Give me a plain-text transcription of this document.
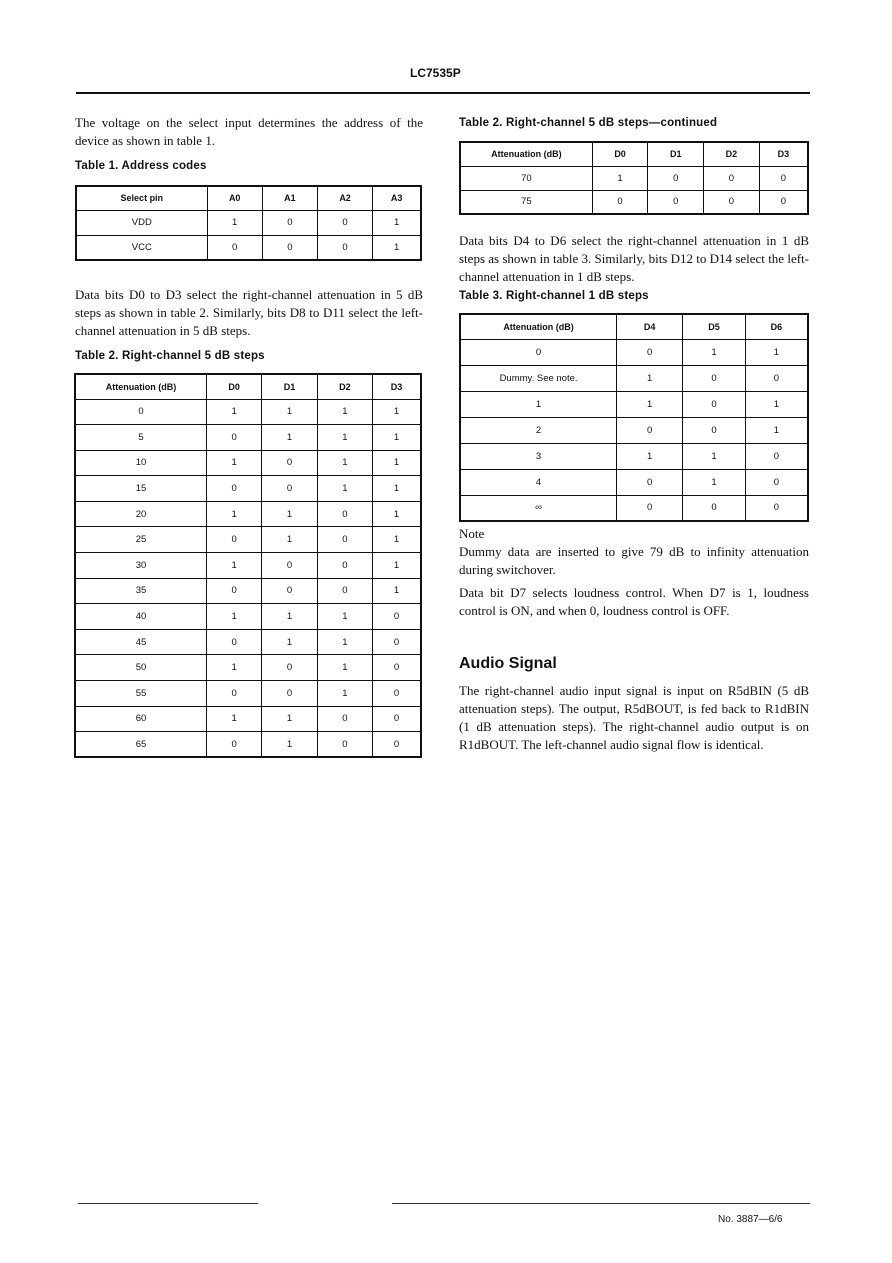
LC7535P
The voltage on the select input determines the address of the device as shown in table 1.
Table 1. Address codes
Select pin	A0	A1	A2	A3
VDD	1	0	0	1
VCC	0	0	0	1
Data bits D0 to D3 select the right-channel attenuation in 5 dB steps as shown in table 2. Similarly, bits D8 to D11 select the left-channel attenuation in 5 dB steps.
Table 2. Right-channel 5 dB steps
Attenuation (dB)	D0	D1	D2	D3
0	1	1	1	1
5	0	1	1	1
10	1	0	1	1
15	0	0	1	1
20	1	1	0	1
25	0	1	0	1
30	1	0	0	1
35	0	0	0	1
40	1	1	1	0
45	0	1	1	0
50	1	0	1	0
55	0	0	1	0
60	1	1	0	0
65	0	1	0	0
Table 2. Right-channel 5 dB steps—continued
Attenuation (dB)	D0	D1	D2	D3
70	1	0	0	0
75	0	0	0	0
Data bits D4 to D6 select the right-channel attenuation in 1 dB steps as shown in table 3. Similarly, bits D12 to D14 select the left-channel attenuation in 1 dB steps.
Table 3. Right-channel 1 dB steps
Attenuation (dB)	D4	D5	D6
0	0	1	1
Dummy. See note.	1	0	0
1	1	0	1
2	0	0	1
3	1	1	0
4	0	1	0
∞	0	0	0
Note
Dummy data are inserted to give 79 dB to infinity attenuation during switchover.
Data bit D7 selects loudness control. When D7 is 1, loudness control is ON, and when 0, loudness control is OFF.
Audio Signal
The right-channel audio input signal is input on R5dBIN (5 dB attenuation steps). The output, R5dBOUT, is fed back to R1dBIN (1 dB attenuation steps). The right-channel audio output is on R1dBOUT. The left-channel audio signal flow is identical.
No. 3887—6/6
